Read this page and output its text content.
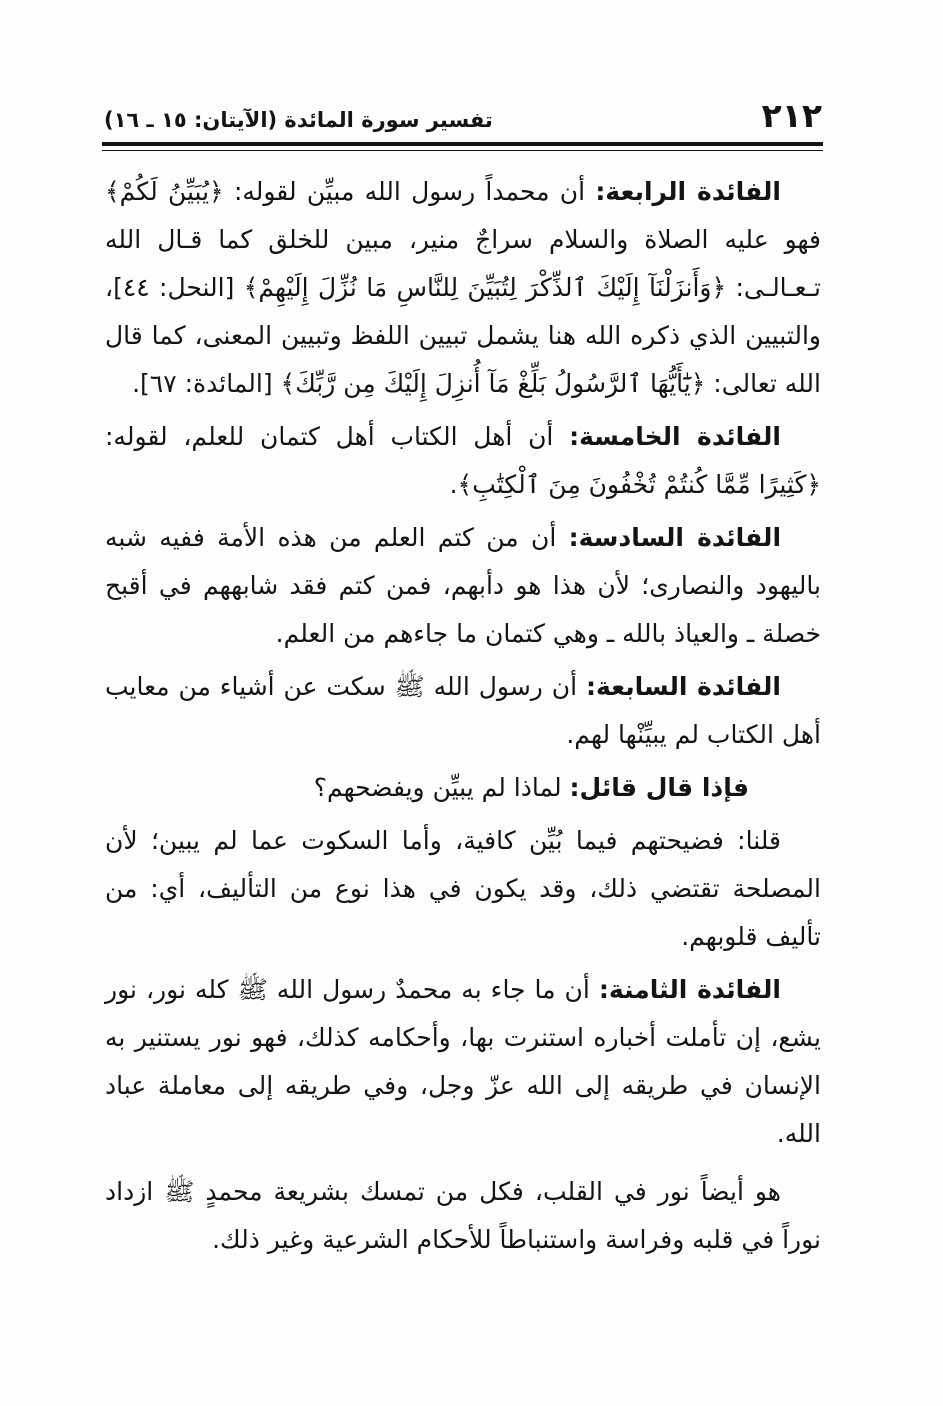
٢١٢
تفسير سورة المائدة (الآيتان: ١٥ ـ ١٦)

الفائدة الرابعة: أن محمداً رسول الله مبيِّن لقوله: ﴿يُبَيِّنُ لَكُمْ﴾ فهو عليه الصلاة والسلام سراجٌ منير، مبين للخلق كما قـال الله تـعـالـى: ﴿وَأَنزَلْنَآ إِلَيْكَ ٱلذِّكْرَ لِتُبَيِّنَ لِلنَّاسِ مَا نُزِّلَ إِلَيْهِمْ﴾ [النحل: ٤٤]، والتبيين الذي ذكره الله هنا يشمل تبيين اللفظ وتبيين المعنى، كما قال الله تعالى: ﴿يَٰٓأَيُّهَا ٱلرَّسُولُ بَلِّغْ مَآ أُنزِلَ إِلَيْكَ مِن رَّبِّكَ﴾ [المائدة: ٦٧].

الفائدة الخامسة: أن أهل الكتاب أهل كتمان للعلم، لقوله: ﴿كَثِيرًا مِّمَّا كُنتُمْ تُخْفُونَ مِنَ ٱلْكِتَٰبِ﴾.

الفائدة السادسة: أن من كتم العلم من هذه الأمة ففيه شبه باليهود والنصارى؛ لأن هذا هو دأبهم، فمن كتم فقد شابههم في أقبح خصلة ـ والعياذ بالله ـ وهي كتمان ما جاءهم من العلم.

الفائدة السابعة: أن رسول الله ﷺ سكت عن أشياء من معايب أهل الكتاب لم يبيِّنْها لهم.

فإذا قال قائل: لماذا لم يبيِّن ويفضحهم؟

قلنا: فضيحتهم فيما بُيِّن كافية، وأما السكوت عما لم يبين؛ لأن المصلحة تقتضي ذلك، وقد يكون في هذا نوع من التأليف، أي: من تأليف قلوبهم.

الفائدة الثامنة: أن ما جاء به محمدٌ رسول الله ﷺ كله نور، نور يشع، إن تأملت أخباره استنرت بها، وأحكامه كذلك، فهو نور يستنير به الإنسان في طريقه إلى الله عزّ وجل، وفي طريقه إلى معاملة عباد الله.

هو أيضاً نور في القلب، فكل من تمسك بشريعة محمدٍ ﷺ ازداد نوراً في قلبه وفراسة واستنباطاً للأحكام الشرعية وغير ذلك.
